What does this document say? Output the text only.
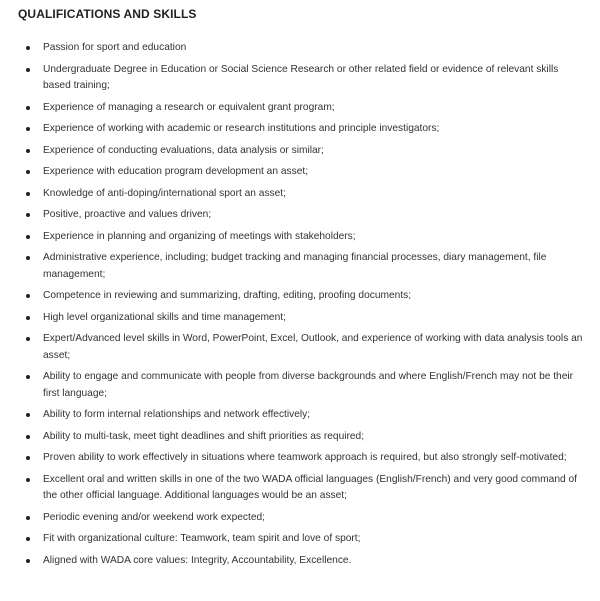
QUALIFICATIONS AND SKILLS
Passion for sport and education
Undergraduate Degree in Education or Social Science Research or other related field or evidence of relevant skills based training;
Experience of managing a research or equivalent grant program;
Experience of working with academic or research institutions and principle investigators;
Experience of conducting evaluations, data analysis or similar;
Experience with education program development an asset;
Knowledge of anti-doping/international sport an asset;
Positive, proactive and values driven;
Experience in planning and organizing of meetings with stakeholders;
Administrative experience, including; budget tracking and managing financial processes, diary management, file management;
Competence in reviewing and summarizing, drafting, editing, proofing documents;
High level organizational skills and time management;
Expert/Advanced level skills in Word, PowerPoint, Excel, Outlook, and experience of working with data analysis tools an asset;
Ability to engage and communicate with people from diverse backgrounds and where English/French may not be their first language;
Ability to form internal relationships and network effectively;
Ability to multi-task, meet tight deadlines and shift priorities as required;
Proven ability to work effectively in situations where teamwork approach is required, but also strongly self-motivated;
Excellent oral and written skills in one of the two WADA official languages (English/French) and very good command of the other official language. Additional languages would be an asset;
Periodic evening and/or weekend work expected;
Fit with organizational culture: Teamwork, team spirit and love of sport;
Aligned with WADA core values: Integrity, Accountability, Excellence.
